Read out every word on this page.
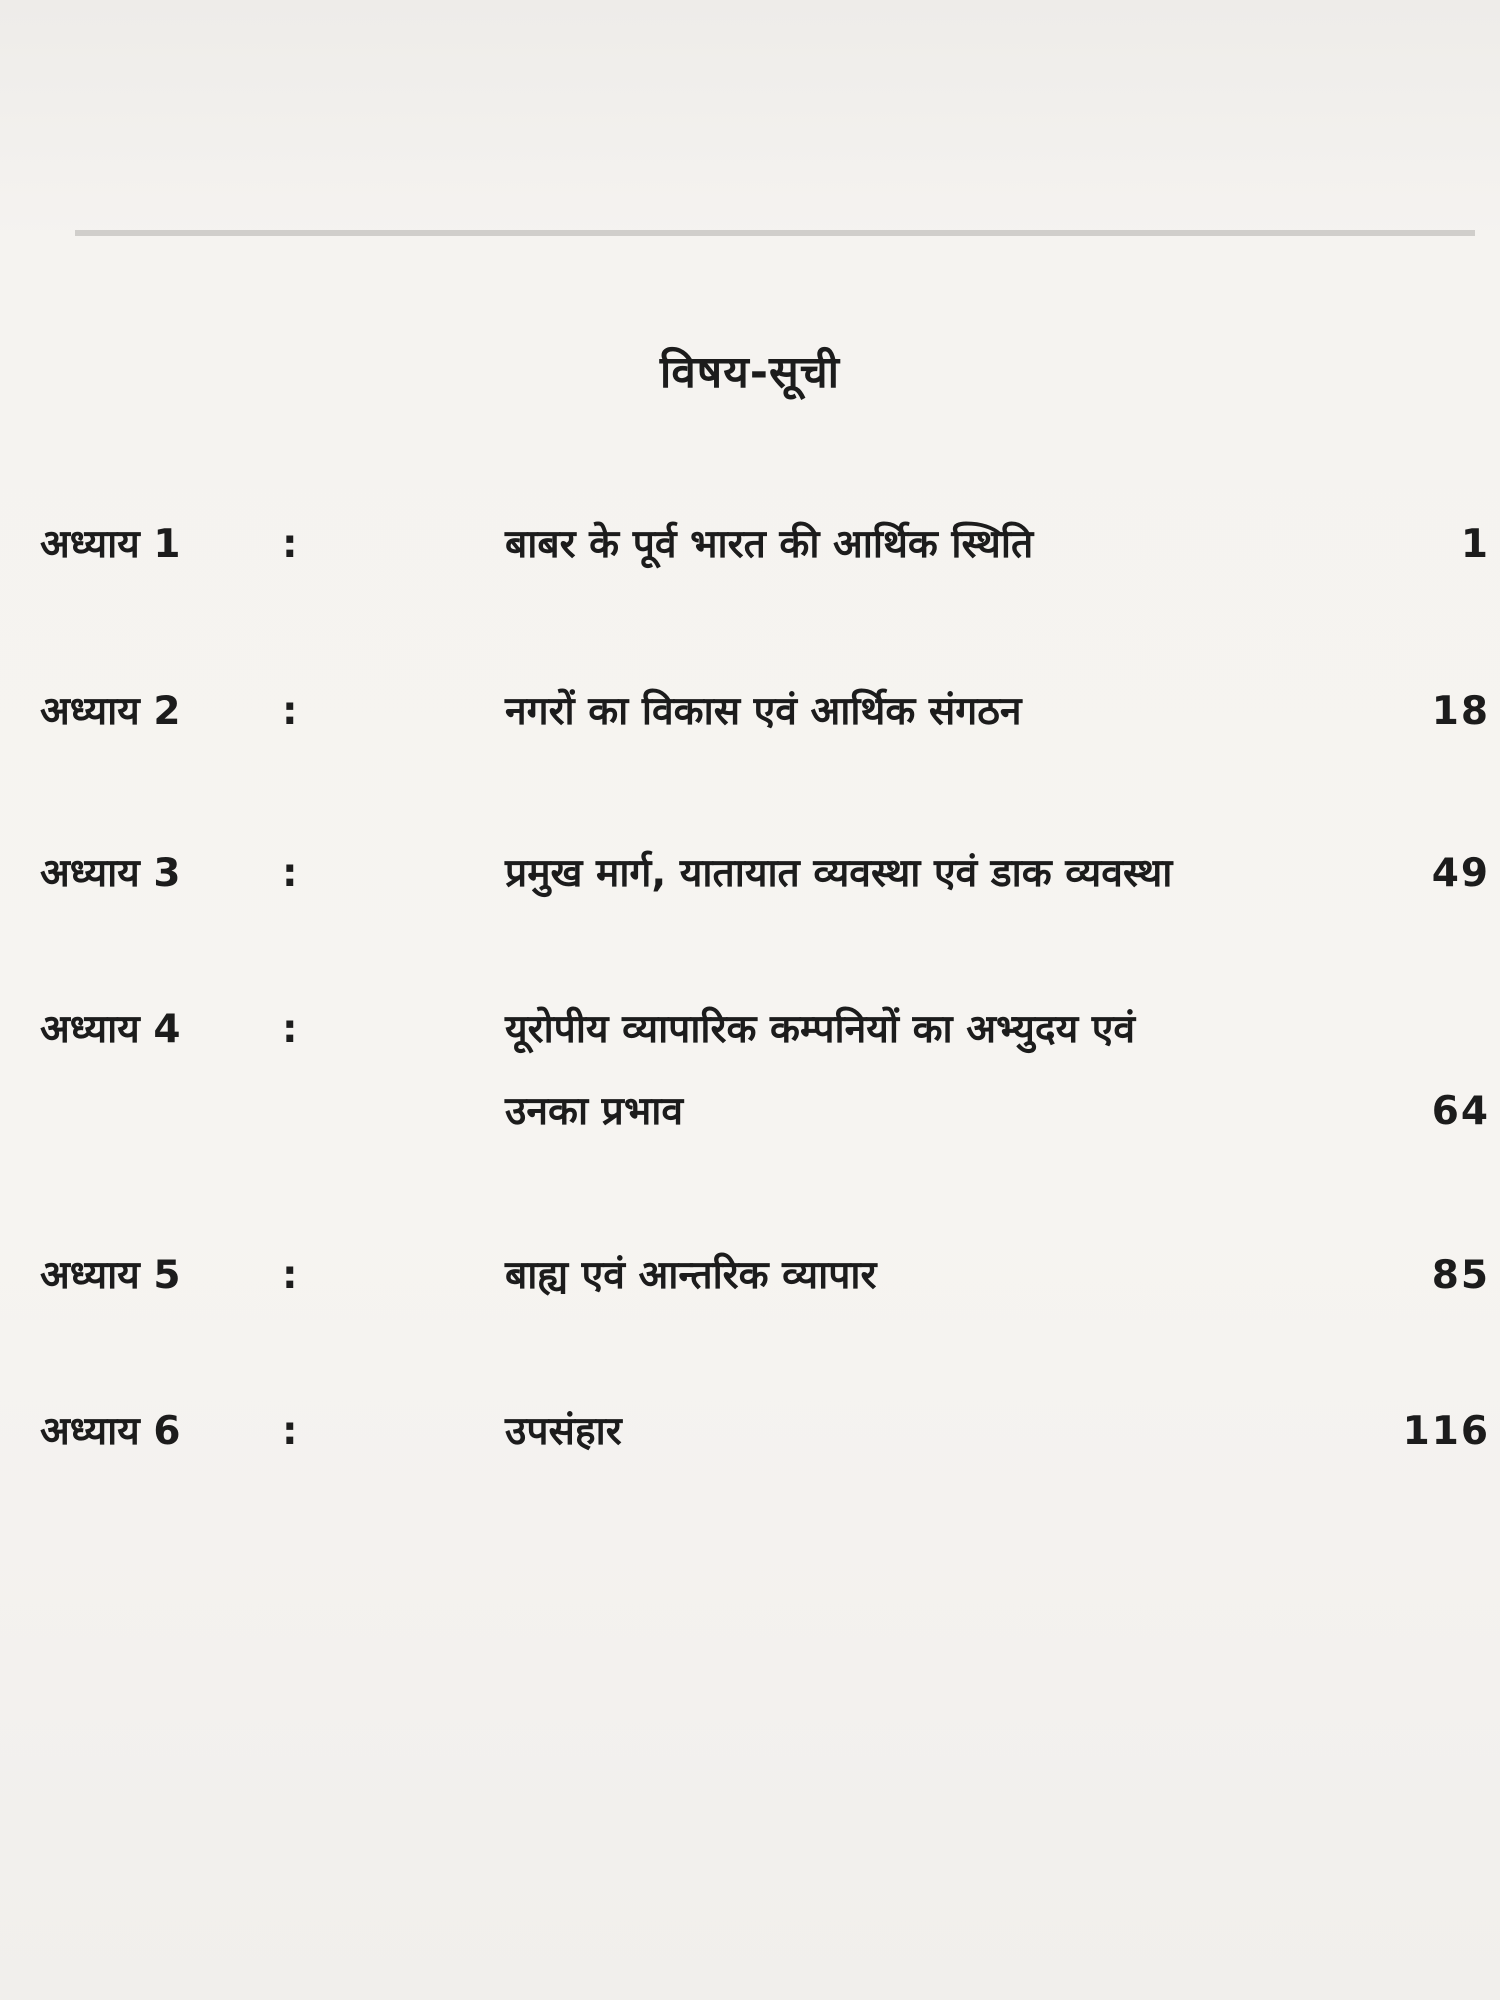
विषय-सूची
अध्याय 1	:	बाबर के पूर्व भारत की आर्थिक स्थिति	1
अध्याय 2	:	नगरों का विकास एवं आर्थिक संगठन	18
अध्याय 3	:	प्रमुख मार्ग, यातायात व्यवस्था एवं डाक व्यवस्था	49
अध्याय 4	:	यूरोपीय व्यापारिक कम्पनियों का अभ्युदय एवं
उनका प्रभाव	64
अध्याय 5	:	बाह्य एवं आन्तरिक व्यापार	85
अध्याय 6	:	उपसंहार	116
